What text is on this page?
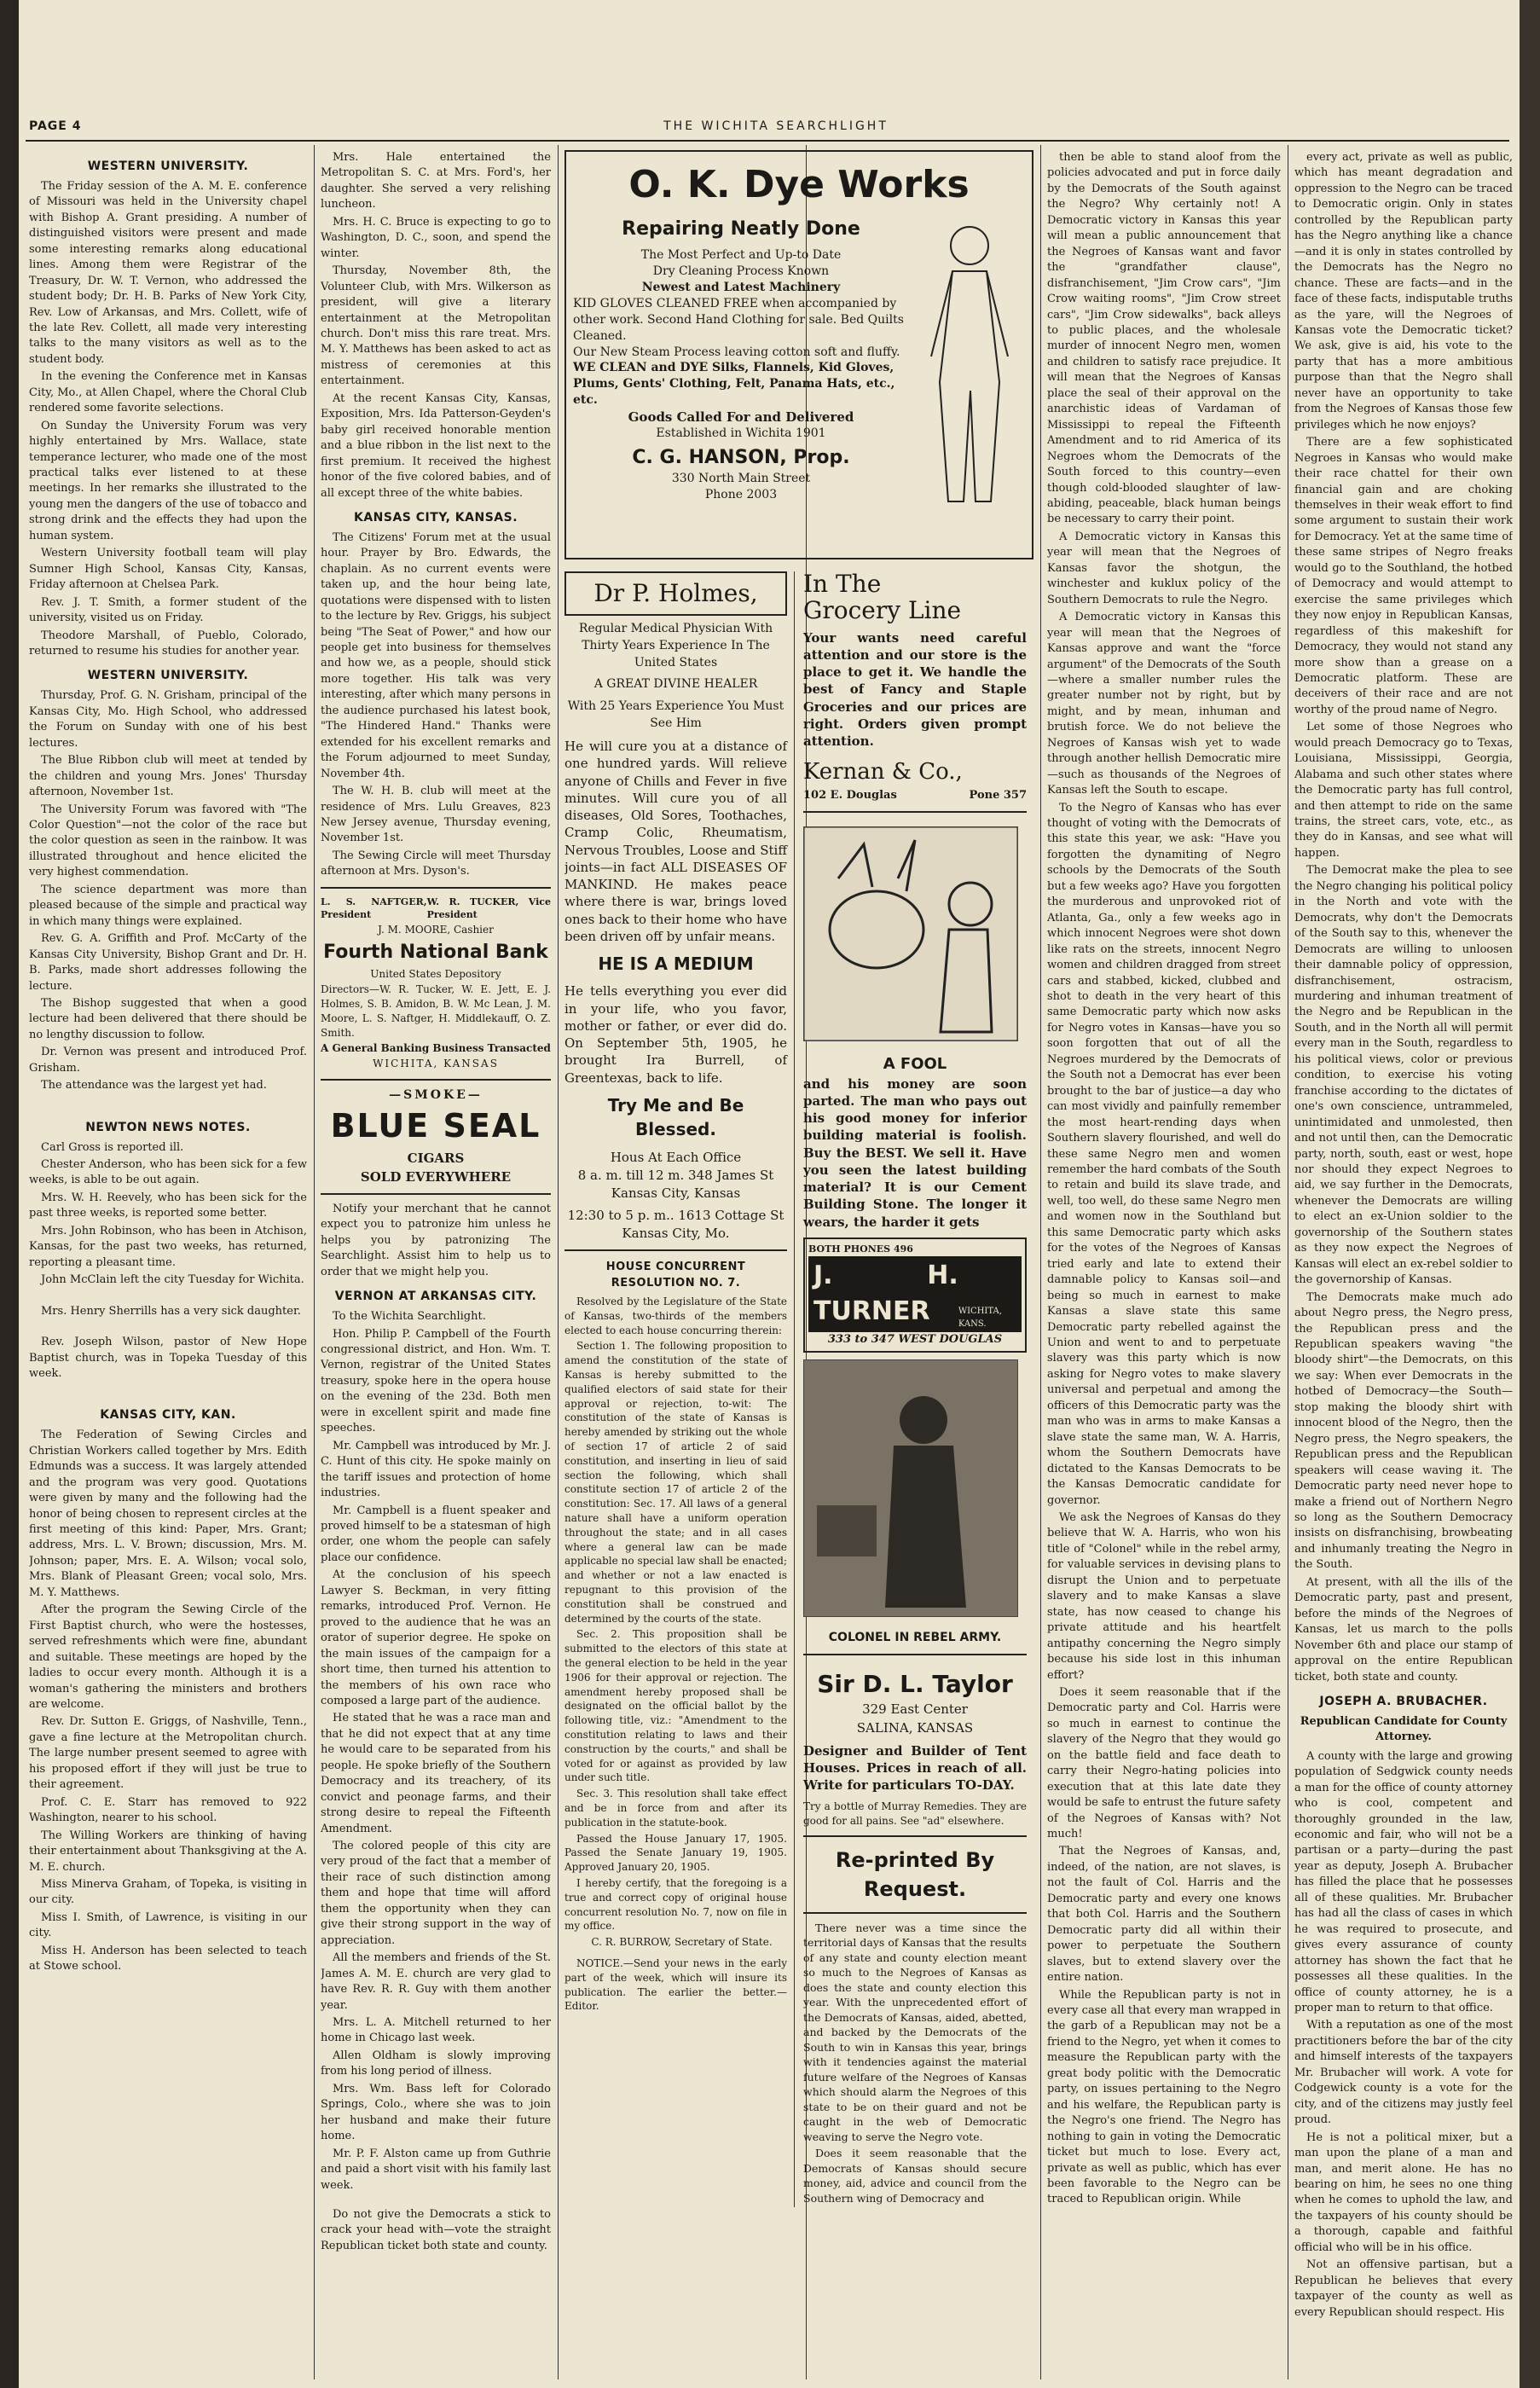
PAGE 4	THE WICHITA SEARCHLIGHT
WESTERN UNIVERSITY.

The Friday session of the A. M. E. conference of Missouri was held in the University chapel with Bishop A. Grant presiding. A number of distinguished visitors were present and made some interesting remarks along educational lines. Among them were Registrar of the Treasury, Dr. W. T. Vernon, who addressed the student body; Dr. H. B. Parks of New York City, Rev. Low of Arkansas, and Mrs. Collett, wife of the late Rev. Collett, all made very interesting talks to the many visitors as well as to the student body.

In the evening the Conference met in Kansas City, Mo., at Allen Chapel, where the Choral Club rendered some favorite selections.

On Sunday the University Forum was very highly entertained by Mrs. Wallace, state temperance lecturer, who made one of the most practical talks ever listened to at these meetings. In her remarks she illustrated to the young men the dangers of the use of tobacco and strong drink and the effects they had upon the human system.

Western University football team will play Sumner High School, Kansas City, Kansas, Friday afternoon at Chelsea Park.

Rev. J. T. Smith, a former student of the university, visited us on Friday.

Theodore Marshall, of Pueblo, Colorado, returned to resume his studies for another year.

WESTERN UNIVERSITY.

Thursday, Prof. G. N. Grisham, principal of the Kansas City, Mo. High School, who addressed the Forum on Sunday with one of his best lectures.

The Blue Ribbon club will meet at tended by the children and young Mrs. Jones' Thursday afternoon, November 1st.

The University Forum was favored with "The Color Question"—not the color of the race but the color question as seen in the rainbow. It was illustrated throughout and hence elicited the very highest commendation.

The science department was more than pleased because of the simple and practical way in which many things were explained.

Rev. G. A. Griffith and Prof. McCarty of the Kansas City University, Bishop Grant and Dr. H. B. Parks, made short addresses following the lecture.

The Bishop suggested that when a good lecture had been delivered that there should be no lengthy discussion to follow.

Dr. Vernon was present and introduced Prof. Grisham.

The attendance was the largest yet had.

NEWTON NEWS NOTES.

Carl Gross is reported ill.

Chester Anderson, who has been sick for a few weeks, is able to be out again.

Mrs. W. H. Reevely, who has been sick for the past three weeks, is reported some better.

Mrs. John Robinson, who has been in Atchison, Kansas, for the past two weeks, has returned, reporting a pleasant time.

John McClain left the city Tuesday for Wichita.

Mrs. Henry Sherrills has a very sick daughter.

Rev. Joseph Wilson, pastor of New Hope Baptist church, was in Topeka Tuesday of this week.

KANSAS CITY, KAN.

The Federation of Sewing Circles and Christian Workers called together by Mrs. Edith Edmunds was a success. It was largely attended and the program was very good. Quotations were given by many and the following had the honor of being chosen to represent circles at the first meeting of this kind: Paper, Mrs. Grant; address, Mrs. L. V. Brown; discussion, Mrs. M. Johnson; paper, Mrs. E. A. Wilson; vocal solo, Mrs. Blank of Pleasant Green; vocal solo, Mrs. M. Y. Matthews.

After the program the Sewing Circle of the First Baptist church, who were the hostesses, served refreshments which were fine, abundant and suitable. These meetings are hoped by the ladies to occur every month. Although it is a woman's gathering the ministers and brothers are welcome.

Rev. Dr. Sutton E. Griggs, of Nashville, Tenn., gave a fine lecture at the Metropolitan church. The large number present seemed to agree with his proposed effort if they will just be true to their agreement.

Prof. C. E. Starr has removed to 922 Washington, nearer to his school.

The Willing Workers are thinking of having their entertainment about Thanksgiving at the A. M. E. church.

Miss Minerva Graham, of Topeka, is visiting in our city.

Miss I. Smith, of Lawrence, is visiting in our city.

Miss H. Anderson has been selected to teach at Stowe school.

Mrs. Hale entertained the Metropolitan S. C. at Mrs. Ford's, her daughter. She served a very relishing luncheon.

Mrs. H. C. Bruce is expecting to go to Washington, D. C., soon, and spend the winter.

Thursday, November 8th, the Volunteer Club, with Mrs. Wilkerson as president, will give a literary entertainment at the Metropolitan church. Don't miss this rare treat. Mrs. M. Y. Matthews has been asked to act as mistress of ceremonies at this entertainment.

At the recent Kansas City, Kansas, Exposition, Mrs. Ida Patterson-Geyden's baby girl received honorable mention and a blue ribbon in the list next to the first premium. It received the highest honor of the five colored babies, and of all except three of the white babies.

KANSAS CITY, KANSAS.

The Citizens' Forum met at the usual hour. Prayer by Bro. Edwards, the chaplain. As no current events were taken up, and the hour being late, quotations were dispensed with to listen to the lecture by Rev. Griggs, his subject being "The Seat of Power," and how our people get into business for themselves and how we, as a people, should stick more together. His talk was very interesting, after which many persons in the audience purchased his latest book, "The Hindered Hand." Thanks were extended for his excellent remarks and the Forum adjourned to meet Sunday, November 4th.

The W. H. B. club will meet at the residence of Mrs. Lulu Greaves, 823 New Jersey avenue, Thursday evening, November 1st.

The Sewing Circle will meet Thursday afternoon at Mrs. Dyson's.

L. S. NAFTGER, President
W. R. TUCKER, Vice President
J. M. MOORE, Cashier
Fourth National Bank
United States Depository
Directors—W. R. Tucker, W. E. Jett, E. J. Holmes, S. B. Amidon, B. W. Mc Lean, J. M. Moore, L. S. Naftger, H. Middlekauff, O. Z. Smith.
A General Banking Business Transacted
WICHITA, KANSAS
—SMOKE—
BLUE SEAL
CIGARS
SOLD EVERYWHERE

Notify your merchant that he cannot expect you to patronize him unless he helps you by patronizing The Searchlight. Assist him to help us to order that we might help you.

VERNON AT ARKANSAS CITY.

To the Wichita Searchlight.

Hon. Philip P. Campbell of the Fourth congressional district, and Hon. Wm. T. Vernon, registrar of the United States treasury, spoke here in the opera house on the evening of the 23d. Both men were in excellent spirit and made fine speeches.

Mr. Campbell was introduced by Mr. J. C. Hunt of this city. He spoke mainly on the tariff issues and protection of home industries.

Mr. Campbell is a fluent speaker and proved himself to be a statesman of high order, one whom the people can safely place our confidence.

At the conclusion of his speech Lawyer S. Beckman, in very fitting remarks, introduced Prof. Vernon. He proved to the audience that he was an orator of superior degree. He spoke on the main issues of the campaign for a short time, then turned his attention to the members of his own race who composed a large part of the audience.

He stated that he was a race man and that he did not expect that at any time he would care to be separated from his people. He spoke briefly of the Southern Democracy and its treachery, of its convict and peonage farms, and their strong desire to repeal the Fifteenth Amendment.

The colored people of this city are very proud of the fact that a member of their race of such distinction among them and hope that time will afford them the opportunity when they can give their strong support in the way of appreciation.

All the members and friends of the St. James A. M. E. church are very glad to have Rev. R. R. Guy with them another year.

Mrs. L. A. Mitchell returned to her home in Chicago last week.

Allen Oldham is slowly improving from his long period of illness.

Mrs. Wm. Bass left for Colorado Springs, Colo., where she was to join her husband and make their future home.

Mr. P. F. Alston came up from Guthrie and paid a short visit with his family last week.

Do not give the Democrats a stick to crack your head with—vote the straight Republican ticket both state and county.

O. K. Dye Works
Repairing Neatly Done
The Most Perfect and Up-to Date
Dry Cleaning Process Known
Newest and Latest Machinery
KID GLOVES CLEANED FREE when accompanied by other work. Second Hand Clothing for sale. Bed Quilts Cleaned.
Our New Steam Process leaving cotton soft and fluffy.
WE CLEAN and DYE Silks, Flannels, Kid Gloves, Plums, Gents' Clothing, Felt, Panama Hats, etc., etc.
Goods Called For and Delivered
Established in Wichita 1901
C. G. HANSON, Prop.
330 North Main Street
Phone 2003
Dr P. Holmes,
Regular Medical Physician With Thirty Years Experience In The United States
A GREAT DIVINE HEALER
With 25 Years Experience You Must See Him
He will cure you at a distance of one hundred yards. Will relieve anyone of Chills and Fever in five minutes. Will cure you of all diseases, Old Sores, Toothaches, Cramp Colic, Rheumatism, Nervous Troubles, Loose and Stiff joints—in fact ALL DISEASES OF MANKIND. He makes peace where there is war, brings loved ones back to their home who have been driven off by unfair means.
HE IS A MEDIUM
He tells everything you ever did in your life, who you favor, mother or father, or ever did do. On September 5th, 1905, he brought Ira Burrell, of Greentexas, back to life.
Try Me and Be Blessed.
Hous At Each Office
8 a. m. till 12 m. 348 James St Kansas City, Kansas
12:30 to 5 p. m.. 1613 Cottage St Kansas City, Mo.
HOUSE CONCURRENT RESOLUTION NO. 7.

Resolved by the Legislature of the State of Kansas, two-thirds of the members elected to each house concurring therein:

Section 1. The following proposition to amend the constitution of the state of Kansas is hereby submitted to the qualified electors of said state for their approval or rejection, to-wit: The constitution of the state of Kansas is hereby amended by striking out the whole of section 17 of article 2 of said constitution, and inserting in lieu of said section the following, which shall constitute section 17 of article 2 of the constitution: Sec. 17. All laws of a general nature shall have a uniform operation throughout the state; and in all cases where a general law can be made applicable no special law shall be enacted; and whether or not a law enacted is repugnant to this provision of the constitution shall be construed and determined by the courts of the state.

Sec. 2. This proposition shall be submitted to the electors of this state at the general election to be held in the year 1906 for their approval or rejection. The amendment hereby proposed shall be designated on the official ballot by the following title, viz.: "Amendment to the constitution relating to laws and their construction by the courts," and shall be voted for or against as provided by law under such title.

Sec. 3. This resolution shall take effect and be in force from and after its publication in the statute-book.

Passed the House January 17, 1905. Passed the Senate January 19, 1905. Approved January 20, 1905.

I hereby certify, that the foregoing is a true and correct copy of original house concurrent resolution No. 7, now on file in my office.

C. R. BURROW, Secretary of State.

NOTICE.—Send your news in the early part of the week, which will insure its publication. The earlier the better.—Editor.

In The
Grocery Line
Your wants need careful attention and our store is the place to get it. We handle the best of Fancy and Staple Groceries and our prices are right. Orders given prompt attention.
Kernan & Co.,
102 E. Douglas	Pone 357
A FOOL
and his money are soon parted. The man who pays out his good money for inferior building material is foolish. Buy the BEST. We sell it. Have you seen the latest building material? It is our Cement Building Stone. The longer it wears, the harder it gets
BOTH PHONES 496
J. H. TURNER	WICHITA, KANS.
333 to 347 WEST DOUGLAS
COLONEL IN REBEL ARMY.
Sir D. L. Taylor
329 East Center
SALINA, KANSAS
Designer and Builder of Tent Houses. Prices in reach of all. Write for particulars TO-DAY.
Try a bottle of Murray Remedies. They are good for all pains. See "ad" elsewhere.
Re-printed By Request.

There never was a time since the territorial days of Kansas that the results of any state and county election meant so much to the Negroes of Kansas as does the state and county election this year. With the unprecedented effort of the Democrats of Kansas, aided, abetted, and backed by the Democrats of the South to win in Kansas this year, brings with it tendencies against the material future welfare of the Negroes of Kansas which should alarm the Negroes of this state to be on their guard and not be caught in the web of Democratic weaving to serve the Negro vote.

Does it seem reasonable that the Democrats of Kansas should secure money, aid, advice and council from the Southern wing of Democracy and

then be able to stand aloof from the policies advocated and put in force daily by the Democrats of the South against the Negro? Why certainly not! A Democratic victory in Kansas this year will mean a public announcement that the Negroes of Kansas want and favor the "grandfather clause", disfranchisement, "Jim Crow cars", "Jim Crow waiting rooms", "Jim Crow street cars", "Jim Crow sidewalks", back alleys to public places, and the wholesale murder of innocent Negro men, women and children to satisfy race prejudice. It will mean that the Negroes of Kansas place the seal of their approval on the anarchistic ideas of Vardaman of Mississippi to repeal the Fifteenth Amendment and to rid America of its Negroes whom the Democrats of the South forced to this country—even though cold-blooded slaughter of law-abiding, peaceable, black human beings be necessary to carry their point.

A Democratic victory in Kansas this year will mean that the Negroes of Kansas favor the shotgun, the winchester and kuklux policy of the Southern Democrats to rule the Negro.

A Democratic victory in Kansas this year will mean that the Negroes of Kansas approve and want the "force argument" of the Democrats of the South—where a smaller number rules the greater number not by right, but by might, and by mean, inhuman and brutish force. We do not believe the Negroes of Kansas wish yet to wade through another hellish Democratic mire—such as thousands of the Negroes of Kansas left the South to escape.

To the Negro of Kansas who has ever thought of voting with the Democrats of this state this year, we ask: "Have you forgotten the dynamiting of Negro schools by the Democrats of the South but a few weeks ago? Have you forgotten the murderous and unprovoked riot of Atlanta, Ga., only a few weeks ago in which innocent Negroes were shot down like rats on the streets, innocent Negro women and children dragged from street cars and stabbed, kicked, clubbed and shot to death in the very heart of this same Democratic party which now asks for Negro votes in Kansas—have you so soon forgotten that out of all the Negroes murdered by the Democrats of the South not a Democrat has ever been brought to the bar of justice—a day who can most vividly and painfully remember the most heart-rending days when Southern slavery flourished, and well do these same Negro men and women remember the hard combats of the South to retain and build its slave trade, and well, too well, do these same Negro men and women now in the Southland but this same Democratic party which asks for the votes of the Negroes of Kansas tried early and late to extend their damnable policy to Kansas soil—and being so much in earnest to make Kansas a slave state this same Democratic party rebelled against the Union and went to and to perpetuate slavery was this party which is now asking for Negro votes to make slavery universal and perpetual and among the officers of this Democratic party was the man who was in arms to make Kansas a slave state the same man, W. A. Harris, whom the Southern Democrats have dictated to the Kansas Democrats to be the Kansas Democratic candidate for governor.

We ask the Negroes of Kansas do they believe that W. A. Harris, who won his title of "Colonel" while in the rebel army, for valuable services in devising plans to disrupt the Union and to perpetuate slavery and to make Kansas a slave state, has now ceased to change his private attitude and his heartfelt antipathy concerning the Negro simply because his side lost in this inhuman effort?

Does it seem reasonable that if the Democratic party and Col. Harris were so much in earnest to continue the slavery of the Negro that they would go on the battle field and face death to carry their Negro-hating policies into execution that at this late date they would be safe to entrust the future safety of the Negroes of Kansas with? Not much!

That the Negroes of Kansas, and, indeed, of the nation, are not slaves, is not the fault of Col. Harris and the Democratic party and every one knows that both Col. Harris and the Southern Democratic party did all within their power to perpetuate the Southern slaves, but to extend slavery over the entire nation.

While the Republican party is not in every case all that every man wrapped in the garb of a Republican may not be a friend to the Negro, yet when it comes to measure the Republican party with the great body politic with the Democratic party, on issues pertaining to the Negro and his welfare, the Republican party is the Negro's one friend. The Negro has nothing to gain in voting the Democratic ticket but much to lose. Every act, private as well as public, which has ever been favorable to the Negro can be traced to Republican origin. While

every act, private as well as public, which has meant degradation and oppression to the Negro can be traced to Democratic origin. Only in states controlled by the Republican party has the Negro anything like a chance—and it is only in states controlled by the Democrats has the Negro no chance. These are facts—and in the face of these facts, indisputable truths as the yare, will the Negroes of Kansas vote the Democratic ticket? We ask, give is aid, his vote to the party that has a more ambitious purpose than that the Negro shall never have an opportunity to take from the Negroes of Kansas those few privileges which he now enjoys?

There are a few sophisticated Negroes in Kansas who would make their race chattel for their own financial gain and are choking themselves in their weak effort to find some argument to sustain their work for Democracy. Yet at the same time of these same stripes of Negro freaks would go to the Southland, the hotbed of Democracy and would attempt to exercise the same privileges which they now enjoy in Republican Kansas, regardless of this makeshift for Democracy, they would not stand any more show than a grease on a Democratic platform. These are deceivers of their race and are not worthy of the proud name of Negro.

Let some of those Negroes who would preach Democracy go to Texas, Louisiana, Mississippi, Georgia, Alabama and such other states where the Democratic party has full control, and then attempt to ride on the same trains, the street cars, vote, etc., as they do in Kansas, and see what will happen.

The Democrat make the plea to see the Negro changing his political policy in the North and vote with the Democrats, why don't the Democrats of the South say to this, whenever the Democrats are willing to unloosen their damnable policy of oppression, disfranchisement, ostracism, murdering and inhuman treatment of the Negro and be Republican in the South, and in the North all will permit every man in the South, regardless to his political views, color or previous condition, to exercise his voting franchise according to the dictates of one's own conscience, untrammeled, unintimidated and unmolested, then and not until then, can the Democratic party, north, south, east or west, hope nor should they expect Negroes to aid, we say further in the Democrats, whenever the Democrats are willing to elect an ex-Union soldier to the governorship of the Southern states as they now expect the Negroes of Kansas will elect an ex-rebel soldier to the governorship of Kansas.

The Democrats make much ado about Negro press, the Negro press, the Republican press and the Republican speakers waving "the bloody shirt"—the Democrats, on this we say: When ever Democrats in the hotbed of Democracy—the South—stop making the bloody shirt with innocent blood of the Negro, then the Negro press, the Negro speakers, the Republican press and the Republican speakers will cease waving it. The Democratic party need never hope to make a friend out of Northern Negro so long as the Southern Democracy insists on disfranchising, browbeating and inhumanly treating the Negro in the South.

At present, with all the ills of the Democratic party, past and present, before the minds of the Negroes of Kansas, let us march to the polls November 6th and place our stamp of approval on the entire Republican ticket, both state and county.

JOSEPH A. BRUBACHER.
Republican Candidate for County Attorney.

A county with the large and growing population of Sedgwick county needs a man for the office of county attorney who is cool, competent and thoroughly grounded in the law, economic and fair, who will not be a partisan or a party—during the past year as deputy, Joseph A. Brubacher has filled the place that he possesses all of these qualities. Mr. Brubacher has had all the class of cases in which he was required to prosecute, and gives every assurance of county attorney has shown the fact that he possesses all these qualities. In the office of county attorney, he is a proper man to return to that office.

With a reputation as one of the most practitioners before the bar of the city and himself interests of the taxpayers Mr. Brubacher will work. A vote for Codgewick county is a vote for the city, and of the citizens may justly feel proud.

He is not a political mixer, but a man upon the plane of a man and man, and merit alone. He has no bearing on him, he sees no one thing when he comes to uphold the law, and the taxpayers of his county should be a thorough, capable and faithful official who will be in his office.

Not an offensive partisan, but a Republican he believes that every taxpayer of the county as well as every Republican should respect. His
